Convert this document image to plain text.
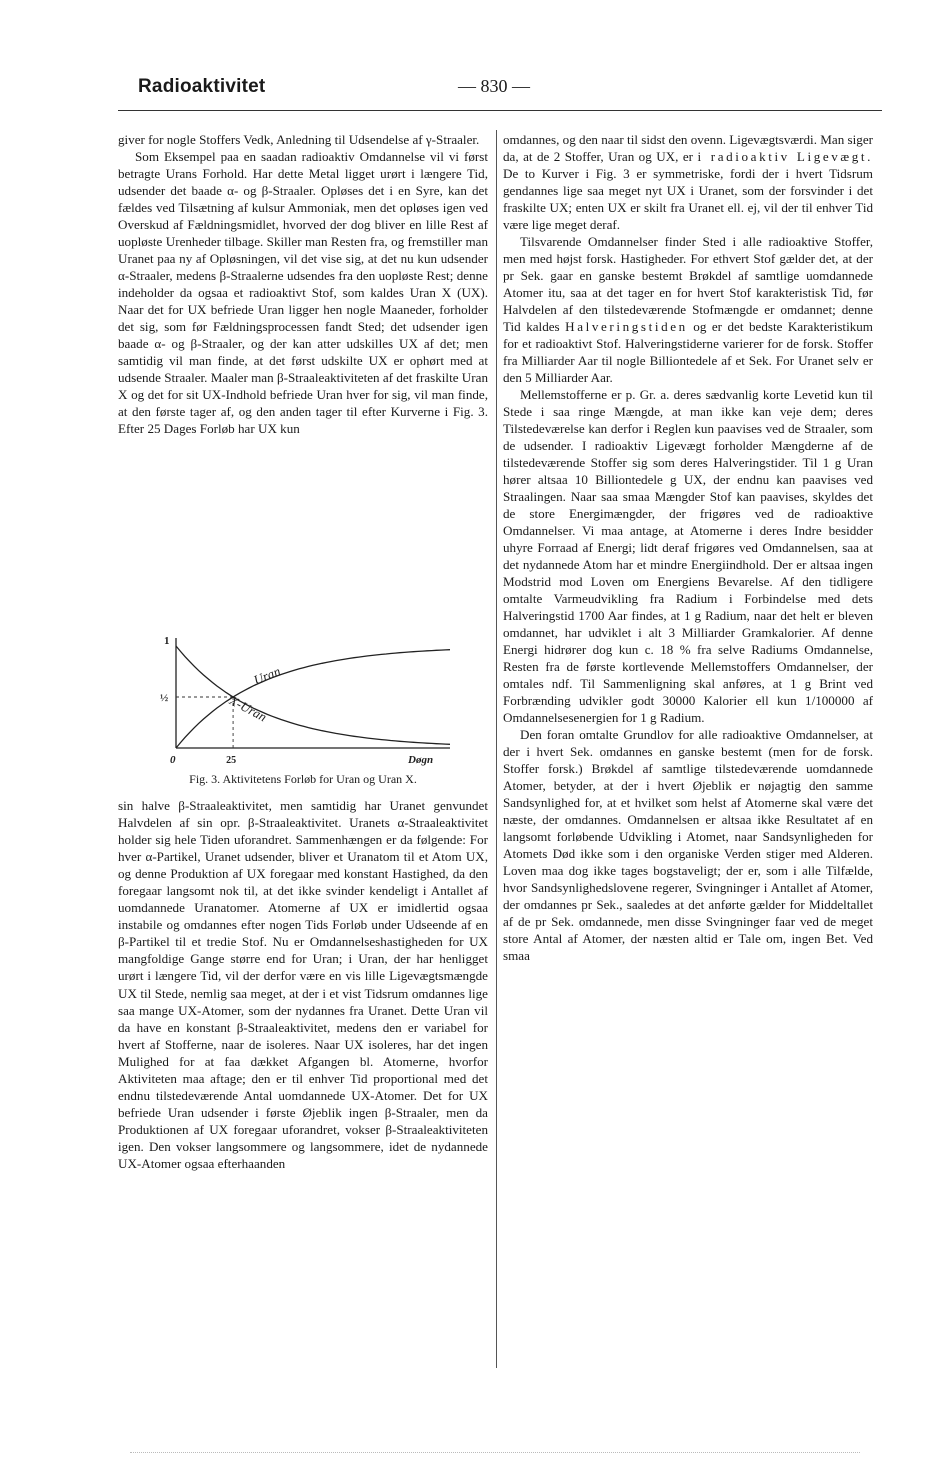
Radioaktivitet	— 830 —

giver for nogle Stoffers Vedk, Anledning til Udsendelse af γ-Straaler.

Som Eksempel paa en saadan radioaktiv Omdannelse vil vi først betragte Urans Forhold. Har dette Metal ligget urørt i længere Tid, udsender det baade α- og β-Straaler. Opløses det i en Syre, kan det fældes ved Tilsætning af kulsur Ammoniak, men det opløses igen ved Overskud af Fældningsmidlet, hvorved der dog bliver en lille Rest af uopløste Urenheder tilbage. Skiller man Resten fra, og fremstiller man Uranet paa ny af Opløsningen, vil det vise sig, at det nu kun udsender α-Straaler, medens β-Straalerne udsendes fra den uopløste Rest; denne indeholder da ogsaa et radioaktivt Stof, som kaldes Uran X (UX). Naar det for UX befriede Uran ligger hen nogle Maaneder, forholder det sig, som før Fældningsprocessen fandt Sted; det udsender igen baade α- og β-Straaler, og der kan atter udskilles UX af det; men samtidig vil man finde, at det først udskilte UX er ophørt med at udsende Straaler. Maaler man β-Straaleaktiviteten af det fraskilte Uran X og det for sit UX-Indhold befriede Uran hver for sig, vil man finde, at den første tager af, og den anden tager til efter Kurverne i Fig. 3. Efter 25 Dages Forløb har UX kun

1
½
0	25	Døgn
Uran
X-Uran
Fig. 3. Aktivitetens Forløb for Uran og Uran X.

sin halve β-Straaleaktivitet, men samtidig har Uranet genvundet Halvdelen af sin opr. β-Straaleaktivitet. Uranets α-Straaleaktivitet holder sig hele Tiden uforandret. Sammenhængen er da følgende: For hver α-Partikel, Uranet udsender, bliver et Uranatom til et Atom UX, og denne Produktion af UX foregaar med konstant Hastighed, da den foregaar langsomt nok til, at det ikke svinder kendeligt i Antallet af uomdannede Uranatomer. Atomerne af UX er imidlertid ogsaa instabile og omdannes efter nogen Tids Forløb under Udseende af en β-Partikel til et tredie Stof. Nu er Omdannelseshastigheden for UX mangfoldige Gange større end for Uran; i Uran, der har henligget urørt i længere Tid, vil der derfor være en vis lille Ligevægtsmængde UX til Stede, nemlig saa meget, at der i et vist Tidsrum omdannes lige saa mange UX-Atomer, som der nydannes fra Uranet. Dette Uran vil da have en konstant β-Straaleaktivitet, medens den er variabel for hvert af Stofferne, naar de isoleres. Naar UX isoleres, har det ingen Mulighed for at faa dækket Afgangen bl. Atomerne, hvorfor Aktiviteten maa aftage; den er til enhver Tid proportional med det endnu tilstedeværende Antal uomdannede UX-Atomer. Det for UX befriede Uran udsender i første Øjeblik ingen β-Straaler, men da Produktionen af UX foregaar uforandret, vokser β-Straaleaktiviteten igen. Den vokser langsommere og langsommere, idet de nydannede UX-Atomer ogsaa efterhaanden

omdannes, og den naar til sidst den ovenn. Ligevægtsværdi. Man siger da, at de 2 Stoffer, Uran og UX, er i radioaktiv Ligevægt. De to Kurver i Fig. 3 er symmetriske, fordi der i hvert Tidsrum gendannes lige saa meget nyt UX i Uranet, som der forsvinder i det fraskilte UX; enten UX er skilt fra Uranet ell. ej, vil der til enhver Tid være lige meget deraf.

Tilsvarende Omdannelser finder Sted i alle radioaktive Stoffer, men med højst forsk. Hastigheder. For ethvert Stof gælder det, at der pr Sek. gaar en ganske bestemt Brøkdel af samtlige uomdannede Atomer itu, saa at det tager en for hvert Stof karakteristisk Tid, før Halvdelen af den tilstedeværende Stofmængde er omdannet; denne Tid kaldes Halveringstiden og er det bedste Karakteristikum for et radioaktivt Stof. Halveringstiderne varierer for de forsk. Stoffer fra Milliarder Aar til nogle Billiontedele af et Sek. For Uranet selv er den 5 Milliarder Aar.

Mellemstofferne er p. Gr. a. deres sædvanlig korte Levetid kun til Stede i saa ringe Mængde, at man ikke kan veje dem; deres Tilstedeværelse kan derfor i Reglen kun paavises ved de Straaler, som de udsender. I radioaktiv Ligevægt forholder Mængderne af de tilstedeværende Stoffer sig som deres Halveringstider. Til 1 g Uran hører altsaa 10 Billiontedele g UX, der endnu kan paavises ved Straalingen. Naar saa smaa Mængder Stof kan paavises, skyldes det de store Energimængder, der frigøres ved de radioaktive Omdannelser. Vi maa antage, at Atomerne i deres Indre besidder uhyre Forraad af Energi; lidt deraf frigøres ved Omdannelsen, saa at det nydannede Atom har et mindre Energiindhold. Der er altsaa ingen Modstrid mod Loven om Energiens Bevarelse. Af den tidligere omtalte Varmeudvikling fra Radium i Forbindelse med dets Halveringstid 1700 Aar findes, at 1 g Radium, naar det helt er bleven omdannet, har udviklet i alt 3 Milliarder Gramkalorier. Af denne Energi hidrører dog kun c. 18 % fra selve Radiums Omdannelse, Resten fra de første kortlevende Mellemstoffers Omdannelser, der omtales ndf. Til Sammenligning skal anføres, at 1 g Brint ved Forbrænding udvikler godt 30000 Kalorier ell kun 1/100000 af Omdannelsesenergien for 1 g Radium.

Den foran omtalte Grundlov for alle radioaktive Omdannelser, at der i hvert Sek. omdannes en ganske bestemt (men for de forsk. Stoffer forsk.) Brøkdel af samtlige tilstedeværende uomdannede Atomer, betyder, at der i hvert Øjeblik er nøjagtig den samme Sandsynlighed for, at et hvilket som helst af Atomerne skal være det næste, der omdannes. Omdannelsen er altsaa ikke Resultatet af en langsomt forløbende Udvikling i Atomet, naar Sandsynligheden for Atomets Død ikke som i den organiske Verden stiger med Alderen. Loven maa dog ikke tages bogstaveligt; der er, som i alle Tilfælde, hvor Sandsynlighedslovene regerer, Svingninger i Antallet af Atomer, der omdannes pr Sek., saaledes at det anførte gælder for Middeltallet af de pr Sek. omdannede, men disse Svingninger faar ved de meget store Antal af Atomer, der næsten altid er Tale om, ingen Bet. Ved smaa
